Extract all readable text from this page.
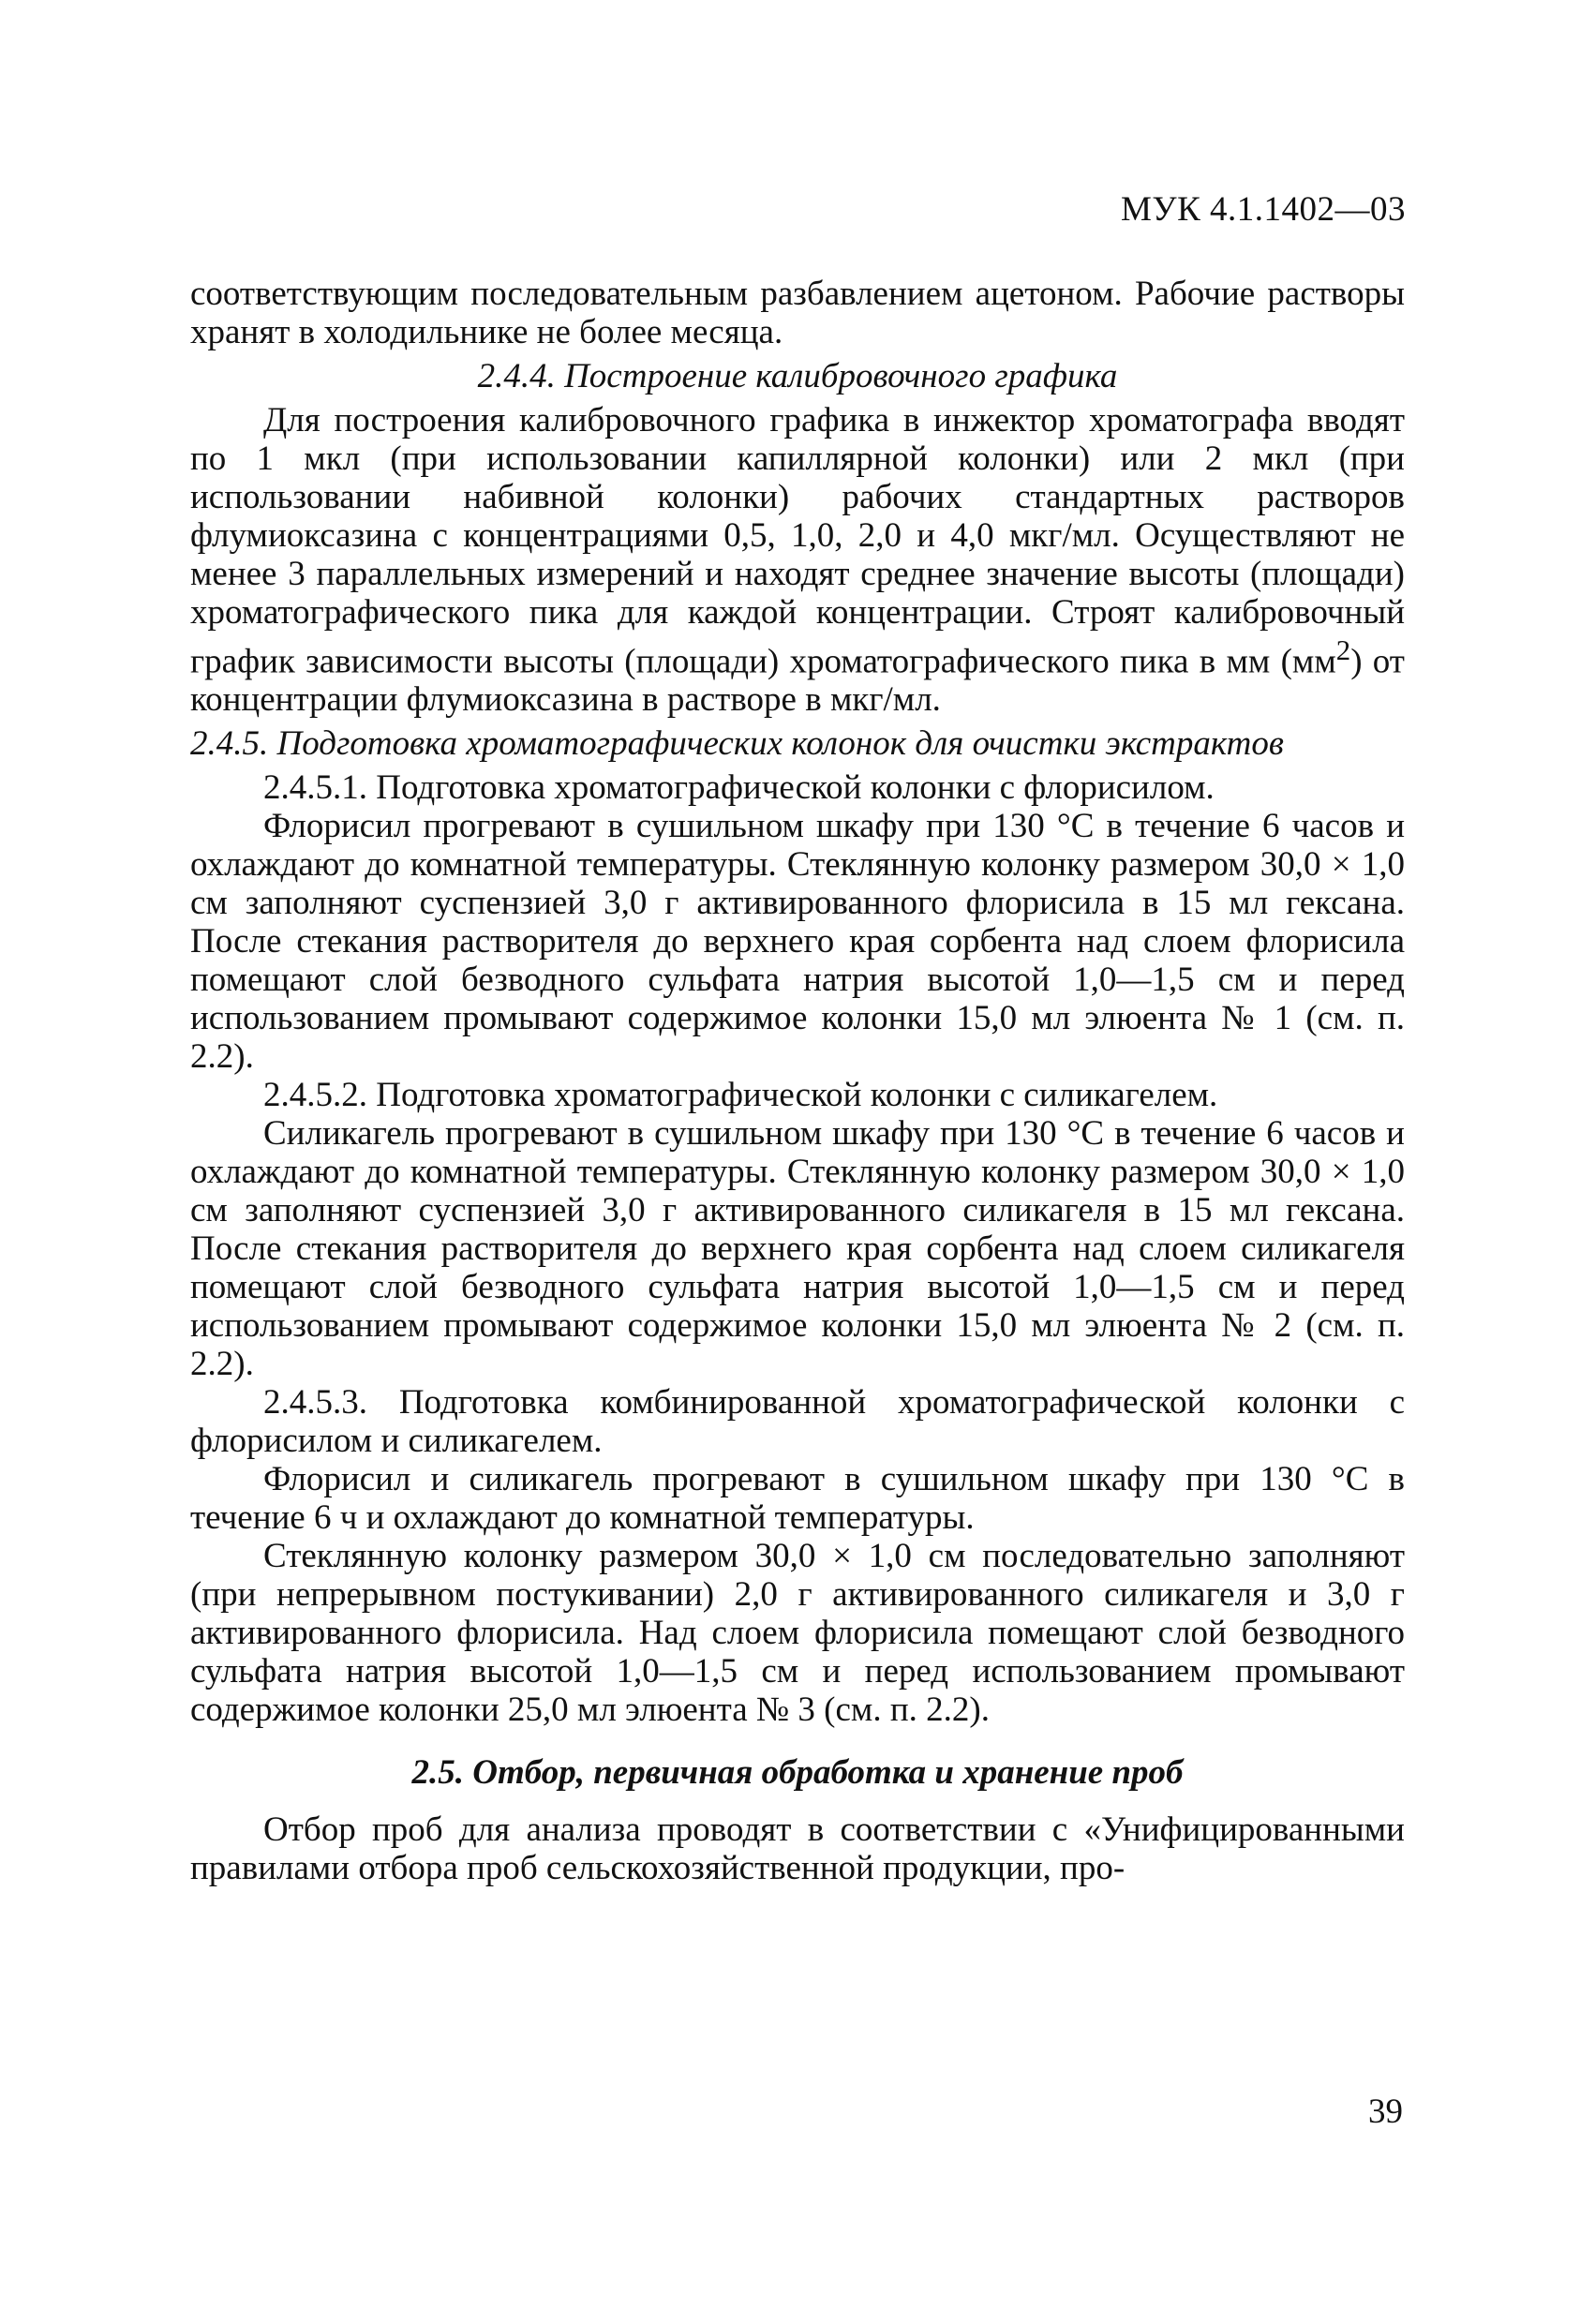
МУК 4.1.1402—03

соответствующим последовательным разбавлением ацетоном. Рабочие растворы хранят в холодильнике не более месяца.

2.4.4. Построение калибровочного графика

Для построения калибровочного графика в инжектор хроматографа вводят по 1 мкл (при использовании капиллярной колонки) или 2 мкл (при использовании набивной колонки) рабочих стандартных растворов флумиоксазина с концентрациями 0,5, 1,0, 2,0 и 4,0 мкг/мл. Осуществляют не менее 3 параллельных измерений и находят среднее значение высоты (площади) хроматографического пика для каждой концентрации. Строят калибровочный график зависимости высоты (площади) хроматографического пика в мм $(мм^2)$ от концентрации флумиоксазина в растворе в мкг/мл.

2.4.5. Подготовка хроматографических колонок для очистки экстрактов

2.4.5.1. Подготовка хроматографической колонки с флорисилом.

Флорисил прогревают в сушильном шкафу при 130 °С в течение 6 часов и охлаждают до комнатной температуры. Стеклянную колонку размером 30,0 × 1,0 см заполняют суспензией 3,0 г активированного флорисила в 15 мл гексана. После стекания растворителя до верхнего края сорбента над слоем флорисила помещают слой безводного сульфата натрия высотой 1,0—1,5 см и перед использованием промывают содержимое колонки 15,0 мл элюента № 1 (см. п. 2.2).

2.4.5.2. Подготовка хроматографической колонки с силикагелем.

Силикагель прогревают в сушильном шкафу при 130 °С в течение 6 часов и охлаждают до комнатной температуры. Стеклянную колонку размером 30,0 × 1,0 см заполняют суспензией 3,0 г активированного силикагеля в 15 мл гексана. После стекания растворителя до верхнего края сорбента над слоем силикагеля помещают слой безводного сульфата натрия высотой 1,0—1,5 см и перед использованием промывают содержимое колонки 15,0 мл элюента № 2 (см. п. 2.2).

2.4.5.3. Подготовка комбинированной хроматографической колонки с флорисилом и силикагелем.

Флорисил и силикагель прогревают в сушильном шкафу при 130 °С в течение 6 ч и охлаждают до комнатной температуры.

Стеклянную колонку размером 30,0 × 1,0 см последовательно заполняют (при непрерывном постукивании) 2,0 г активированного силикагеля и 3,0 г активированного флорисила. Над слоем флорисила помещают слой безводного сульфата натрия высотой 1,0—1,5 см и перед использованием промывают содержимое колонки 25,0 мл элюента № 3 (см. п. 2.2).

2.5. Отбор, первичная обработка и хранение проб

Отбор проб для анализа проводят в соответствии с «Унифицированными правилами отбора проб сельскохозяйственной продукции, про-

39
